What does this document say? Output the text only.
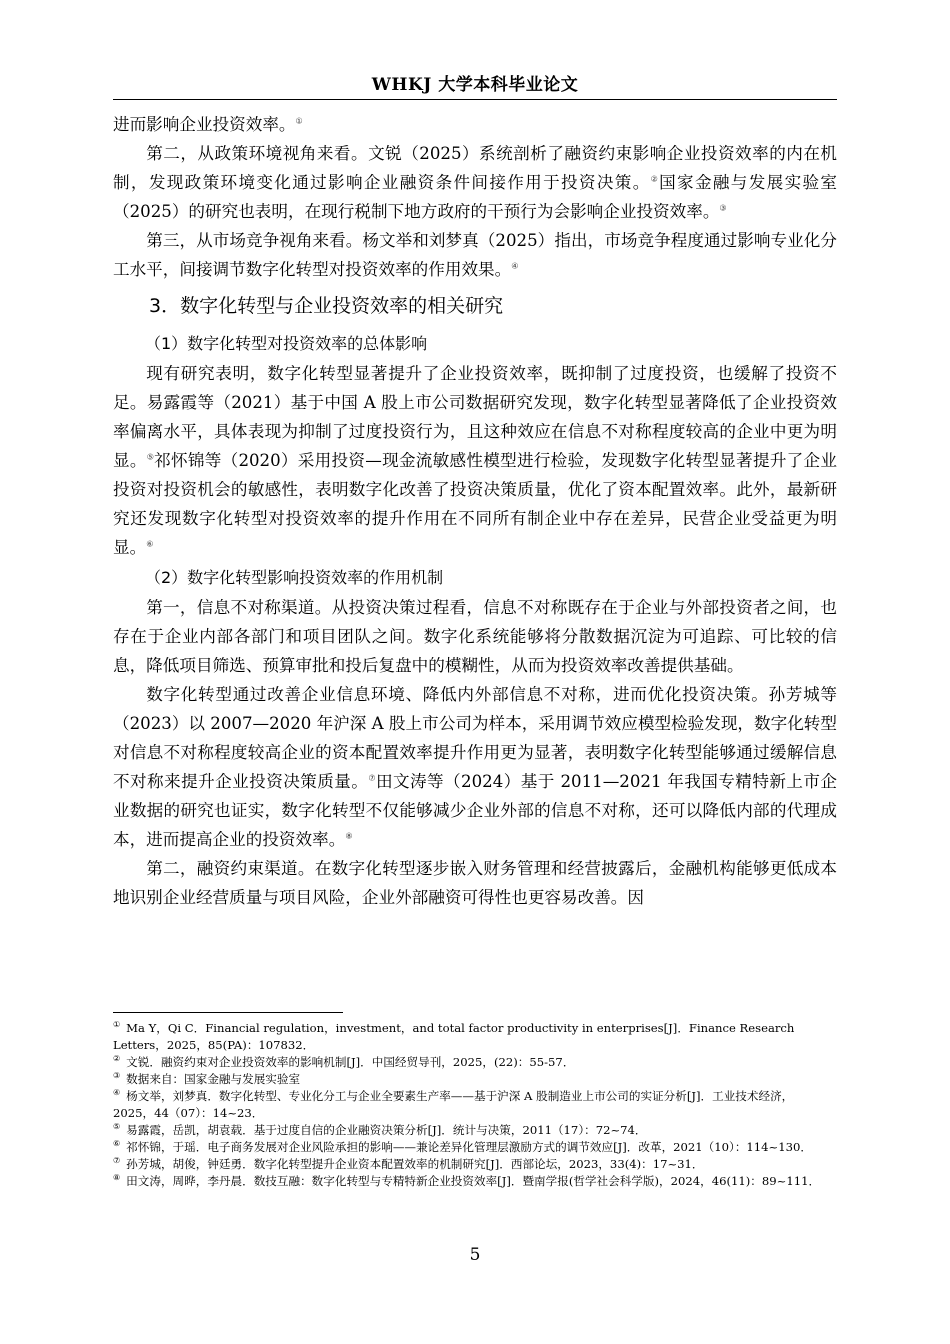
WHKJ 大学本科毕业论文

进而影响企业投资效率。①

第二，从政策环境视角来看。文锐（2025）系统剖析了融资约束影响企业投资效率的内在机制，发现政策环境变化通过影响企业融资条件间接作用于投资决策。②国家金融与发展实验室（2025）的研究也表明，在现行税制下地方政府的干预行为会影响企业投资效率。③

第三，从市场竞争视角来看。杨文举和刘梦真（2025）指出，市场竞争程度通过影响专业化分工水平，间接调节数字化转型对投资效率的作用效果。④

3．数字化转型与企业投资效率的相关研究

（1）数字化转型对投资效率的总体影响

现有研究表明，数字化转型显著提升了企业投资效率，既抑制了过度投资，也缓解了投资不足。易露霞等（2021）基于中国 A 股上市公司数据研究发现，数字化转型显著降低了企业投资效率偏离水平，具体表现为抑制了过度投资行为，且这种效应在信息不对称程度较高的企业中更为明显。⑤祁怀锦等（2020）采用投资—现金流敏感性模型进行检验，发现数字化转型显著提升了企业投资对投资机会的敏感性，表明数字化改善了投资决策质量，优化了资本配置效率。此外，最新研究还发现数字化转型对投资效率的提升作用在不同所有制企业中存在差异，民营企业受益更为明显。⑥

（2）数字化转型影响投资效率的作用机制

第一，信息不对称渠道。从投资决策过程看，信息不对称既存在于企业与外部投资者之间，也存在于企业内部各部门和项目团队之间。数字化系统能够将分散数据沉淀为可追踪、可比较的信息，降低项目筛选、预算审批和投后复盘中的模糊性，从而为投资效率改善提供基础。

数字化转型通过改善企业信息环境、降低内外部信息不对称，进而优化投资决策。孙芳城等（2023）以 2007—2020 年沪深 A 股上市公司为样本，采用调节效应模型检验发现，数字化转型对信息不对称程度较高企业的资本配置效率提升作用更为显著，表明数字化转型能够通过缓解信息不对称来提升企业投资决策质量。⑦田文涛等（2024）基于 2011—2021 年我国专精特新上市企业数据的研究也证实，数字化转型不仅能够减少企业外部的信息不对称，还可以降低内部的代理成本，进而提高企业的投资效率。⑧

第二，融资约束渠道。在数字化转型逐步嵌入财务管理和经营披露后，金融机构能够更低成本地识别企业经营质量与项目风险，企业外部融资可得性也更容易改善。因

① Ma Y，Qi C．Financial regulation，investment，and total factor productivity in enterprises[J]．Finance Research Letters，2025，85(PA)：107832．

② 文锐．融资约束对企业投资效率的影响机制[J]．中国经贸导刊，2025，(22)：55-57．

③ 数据来自：国家金融与发展实验室

④ 杨文举，刘梦真．数字化转型、专业化分工与企业全要素生产率——基于沪深 A 股制造业上市公司的实证分析[J]．工业技术经济，2025，44（07）：14~23．

⑤ 易露霞，岳凯，胡袁载．基于过度自信的企业融资决策分析[J]．统计与决策，2011（17）：72~74．

⑥ 祁怀锦，于瑶．电子商务发展对企业风险承担的影响——兼论差异化管理层激励方式的调节效应[J]．改革，2021（10）：114~130．

⑦ 孙芳城，胡俊，钟廷勇．数字化转型提升企业资本配置效率的机制研究[J]．西部论坛，2023，33(4)：17~31．

⑧ 田文涛，周晔，李丹晨．数技互融：数字化转型与专精特新企业投资效率[J]．暨南学报(哲学社会科学版)，2024，46(11)：89~111．

5
